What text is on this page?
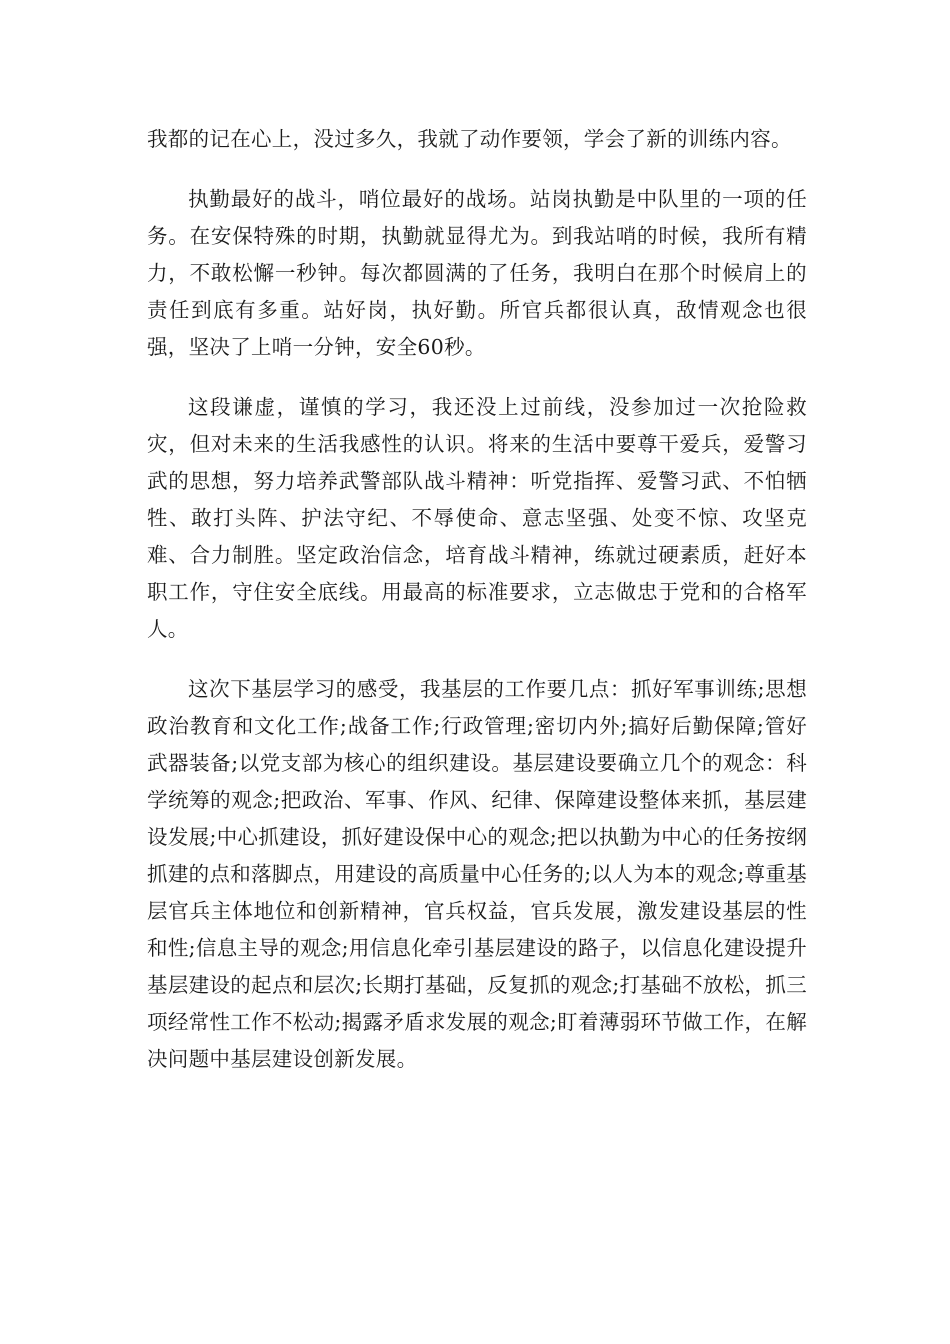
我都的记在心上，没过多久，我就了动作要领，学会了新的训练内容。

执勤最好的战斗，哨位最好的战场。站岗执勤是中队里的一项的任务。在安保特殊的时期，执勤就显得尤为。到我站哨的时候，我所有精力，不敢松懈一秒钟。每次都圆满的了任务，我明白在那个时候肩上的责任到底有多重。站好岗，执好勤。所官兵都很认真，敌情观念也很强，坚决了上哨一分钟，安全60秒。

这段谦虚，谨慎的学习，我还没上过前线，没参加过一次抢险救灾，但对未来的生活我感性的认识。将来的生活中要尊干爱兵，爱警习武的思想，努力培养武警部队战斗精神：听党指挥、爱警习武、不怕牺牲、敢打头阵、护法守纪、不辱使命、意志坚强、处变不惊、攻坚克难、合力制胜。坚定政治信念，培育战斗精神，练就过硬素质，赶好本职工作，守住安全底线。用最高的标准要求，立志做忠于党和的合格军人。

这次下基层学习的感受，我基层的工作要几点：抓好军事训练;思想政治教育和文化工作;战备工作;行政管理;密切内外;搞好后勤保障;管好武器装备;以党支部为核心的组织建设。基层建设要确立几个的观念：科学统筹的观念;把政治、军事、作风、纪律、保障建设整体来抓，基层建设发展;中心抓建设，抓好建设保中心的观念;把以执勤为中心的任务按纲抓建的点和落脚点，用建设的高质量中心任务的;以人为本的观念;尊重基层官兵主体地位和创新精神，官兵权益，官兵发展，激发建设基层的性和性;信息主导的观念;用信息化牵引基层建设的路子，以信息化建设提升基层建设的起点和层次;长期打基础，反复抓的观念;打基础不放松，抓三项经常性工作不松动;揭露矛盾求发展的观念;盯着薄弱环节做工作，在解决问题中基层建设创新发展。
